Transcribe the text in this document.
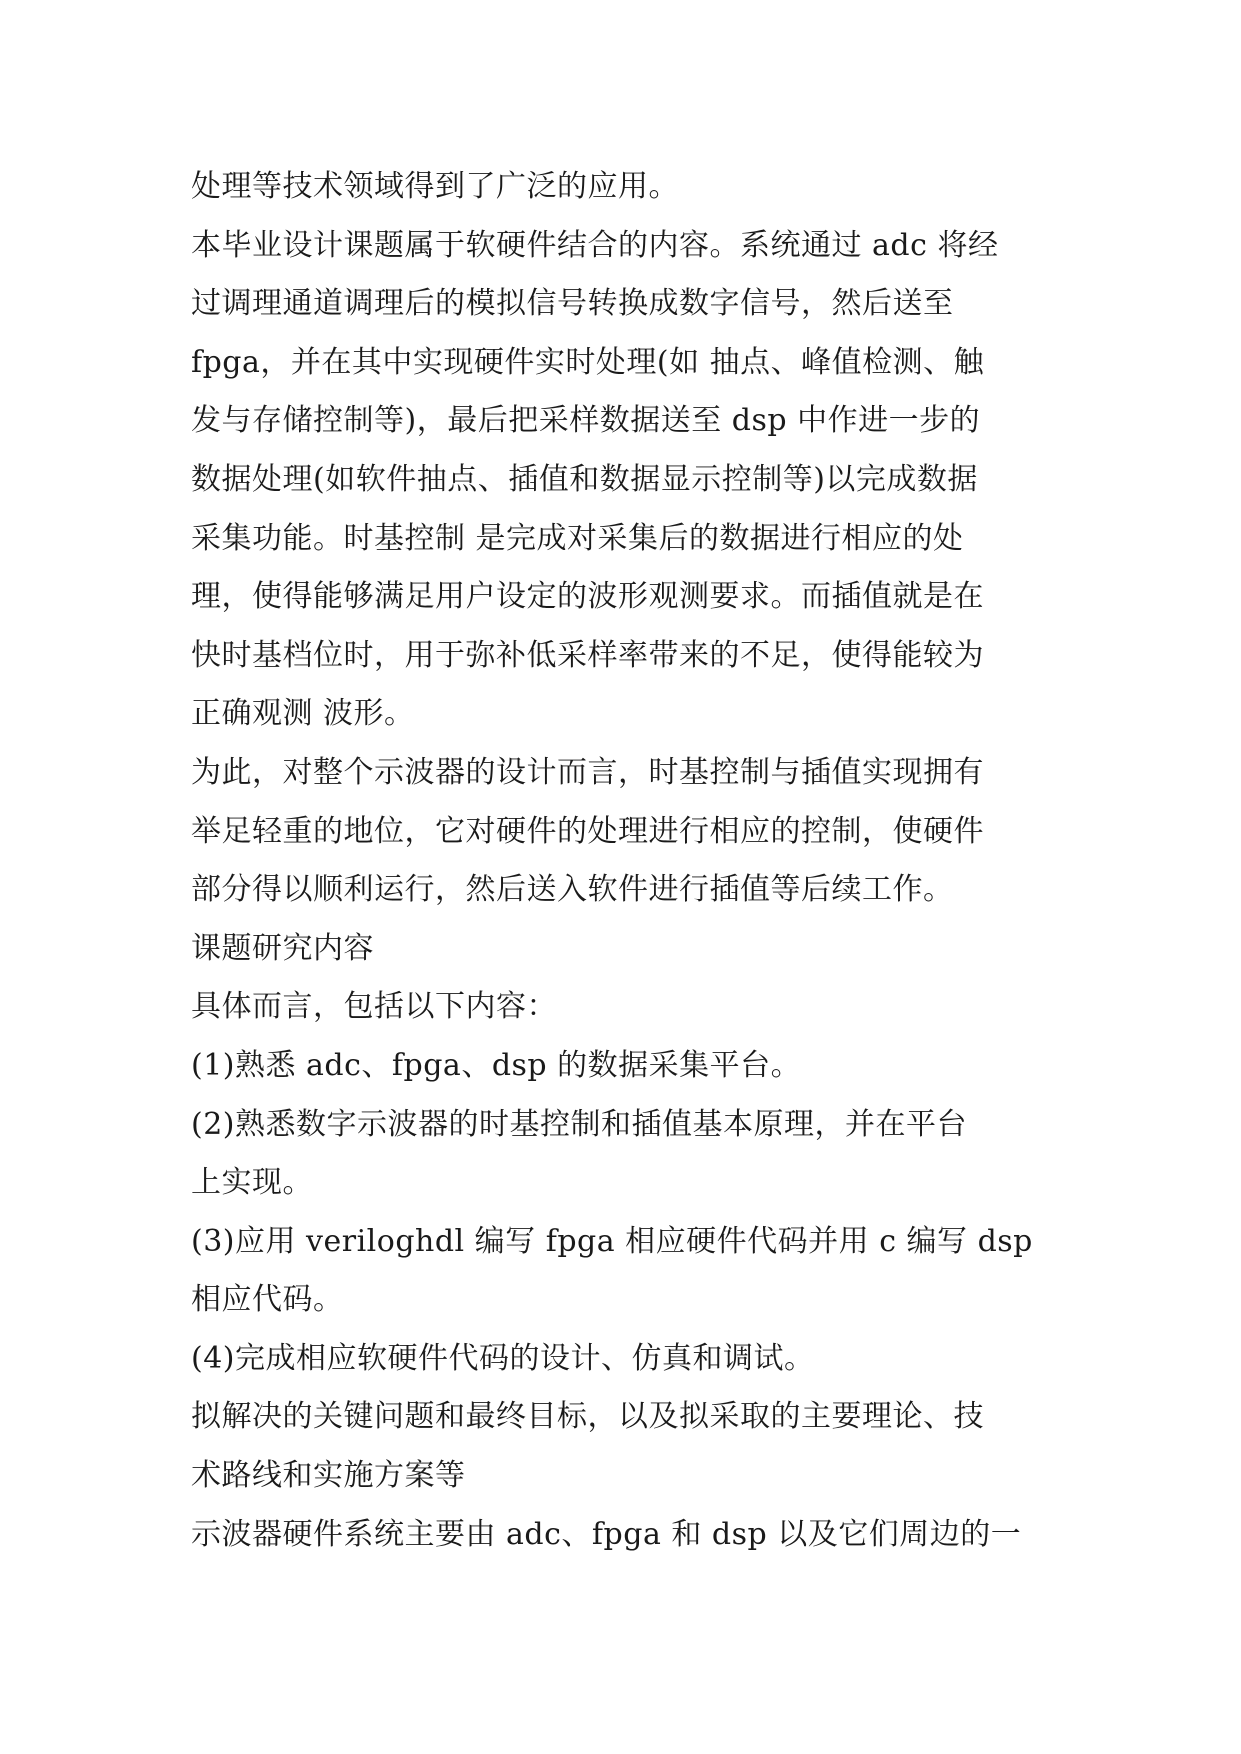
处理等技术领域得到了广泛的应用。
本毕业设计课题属于软硬件结合的内容。系统通过 adc 将经
过调理通道调理后的模拟信号转换成数字信号，然后送至
fpga，并在其中实现硬件实时处理(如 抽点、峰值检测、触
发与存储控制等)，最后把采样数据送至 dsp 中作进一步的
数据处理(如软件抽点、插值和数据显示控制等)以完成数据
采集功能。时基控制 是完成对采集后的数据进行相应的处
理，使得能够满足用户设定的波形观测要求。而插值就是在
快时基档位时，用于弥补低采样率带来的不足，使得能较为
正确观测 波形。
为此，对整个示波器的设计而言，时基控制与插值实现拥有
举足轻重的地位，它对硬件的处理进行相应的控制，使硬件
部分得以顺利运行，然后送入软件进行插值等后续工作。
课题研究内容
具体而言，包括以下内容：
(1)熟悉 adc、fpga、dsp 的数据采集平台。
(2)熟悉数字示波器的时基控制和插值基本原理，并在平台
上实现。
(3)应用 veriloghdl 编写 fpga 相应硬件代码并用 c 编写 dsp
相应代码。
(4)完成相应软硬件代码的设计、仿真和调试。
拟解决的关键问题和最终目标，以及拟采取的主要理论、技
术路线和实施方案等
示波器硬件系统主要由 adc、fpga 和 dsp 以及它们周边的一
